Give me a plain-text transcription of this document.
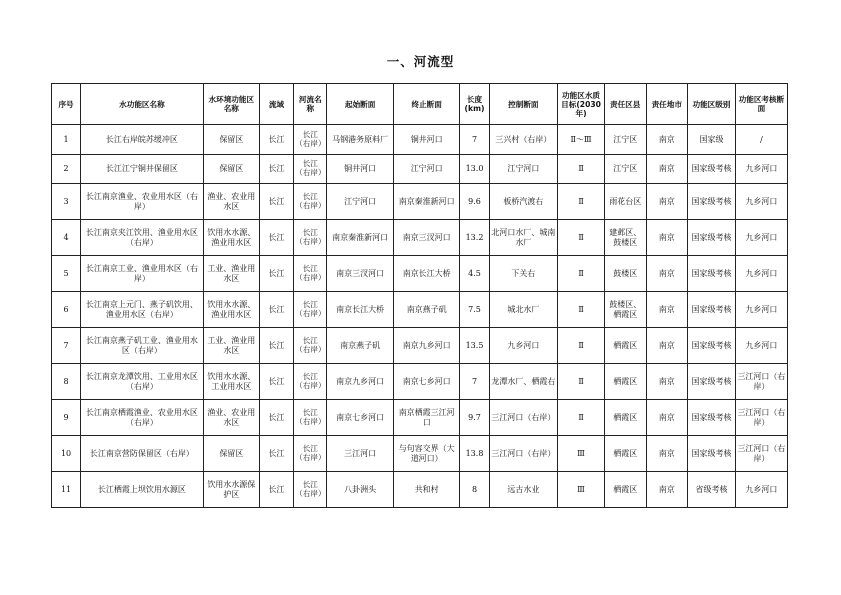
一、河流型
序号	水功能区名称	水环境功能区名称	流域	河流名称	起始断面	终止断面	长度(km)	控制断面	功能区水质目标(2030年)	责任区县	责任地市	功能区级别	功能区考核断面
1	长江右岸皖苏缓冲区	保留区	长江	长江（右岸）	马钢港务原料厂	铜井河口	7	三兴村（右岸）	Ⅱ～Ⅲ	江宁区	南京	国家级	/
2	长江江宁铜井保留区	保留区	长江	长江（右岸）	铜井河口	江宁河口	13.0	江宁河口	Ⅱ	江宁区	南京	国家级考核	九乡河口
3	长江南京渔业、农业用水区（右岸）	渔业、农业用水区	长江	长江（右岸）	江宁河口	南京秦淮新河口	9.6	板桥汽渡右	Ⅱ	雨花台区	南京	国家级考核	九乡河口
4	长江南京夹江饮用、渔业用水区（右岸）	饮用水水源、渔业用水区	长江	长江（右岸）	南京秦淮新河口	南京三汊河口	13.2	北河口水厂、城南水厂	Ⅱ	建邺区、鼓楼区	南京	国家级考核	九乡河口
5	长江南京工业、渔业用水区（右岸）	工业、渔业用水区	长江	长江（右岸）	南京三汊河口	南京长江大桥	4.5	下关右	Ⅱ	鼓楼区	南京	国家级考核	九乡河口
6	长江南京上元门、燕子矶饮用、渔业用水区（右岸）	饮用水水源、渔业用水区	长江	长江（右岸）	南京长江大桥	南京燕子矶	7.5	城北水厂	Ⅱ	鼓楼区、栖霞区	南京	国家级考核	九乡河口
7	长江南京燕子矶工业、渔业用水区（右岸）	工业、渔业用水区	长江	长江（右岸）	南京燕子矶	南京九乡河口	13.5	九乡河口	Ⅱ	栖霞区	南京	国家级考核	九乡河口
8	长江南京龙潭饮用、工业用水区（右岸）	饮用水水源、工业用水区	长江	长江（右岸）	南京九乡河口	南京七乡河口	7	龙潭水厂、栖霞右	Ⅱ	栖霞区	南京	国家级考核	三江河口（右岸）
9	长江南京栖霞渔业、农业用水区（右岸）	渔业、农业用水区	长江	长江（右岸）	南京七乡河口	南京栖霞三江河口	9.7	三江河口（右岸）	Ⅱ	栖霞区	南京	国家级考核	三江河口（右岸）
10	长江南京营防保留区（右岸）	保留区	长江	长江（右岸）	三江河口	与句容交界（大道河口）	13.8	三江河口（右岸）	Ⅲ	栖霞区	南京	国家级考核	三江河口（右岸）
11	长江栖霞上坝饮用水源区	饮用水水源保护区	长江	长江（右岸）	八卦洲头	共和村	8	远古水业	Ⅲ	栖霞区	南京	省级考核	九乡河口
